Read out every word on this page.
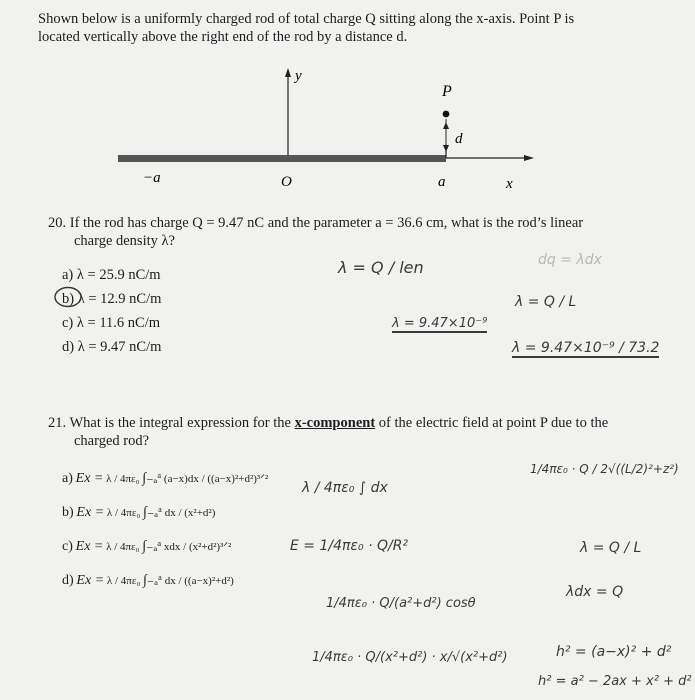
Shown below is a uniformly charged rod of total charge Q sitting along the x-axis. Point P is
located vertically above the right end of the rod by a distance d.
y
P
d
−a	O	a	x
20. If the rod has charge Q = 9.47 nC and the parameter a = 36.6 cm, what is the rod’s linear
charge density λ?
a) λ = 25.9 nC/m
b) λ = 12.9 nC/m
c) λ = 11.6 nC/m
d) λ = 9.47 nC/m
λ = Q / len
λ = 9.47×10⁻⁹
dq = λdx
λ = Q / L
λ = 9.47×10⁻⁹ / 73.2
21. What is the integral expression for the x-component of the electric field at point P due to the
charged rod?
a) Ex = λ / 4πε₀ ∫₋ₐᵃ (a−x)dx / ((a−x)²+d²)³ᐟ²
b) Ex = λ / 4πε₀ ∫₋ₐᵃ dx / (x²+d²)
c) Ex = λ / 4πε₀ ∫₋ₐᵃ xdx / (x²+d²)³ᐟ²
d) Ex = λ / 4πε₀ ∫₋ₐᵃ dx / ((a−x)²+d²)
λ / 4πε₀ ∫ dx
1/4πε₀ · Q / 2√((L/2)²+z²)
E = 1/4πε₀ · Q/R²	λ = Q / L
λdx = Q
1/4πε₀ · Q/(a²+d²) cosθ
1/4πε₀ · Q/(x²+d²) · x/√(x²+d²)	h² = (a−x)² + d²
h² = a² − 2ax + x² + d²
